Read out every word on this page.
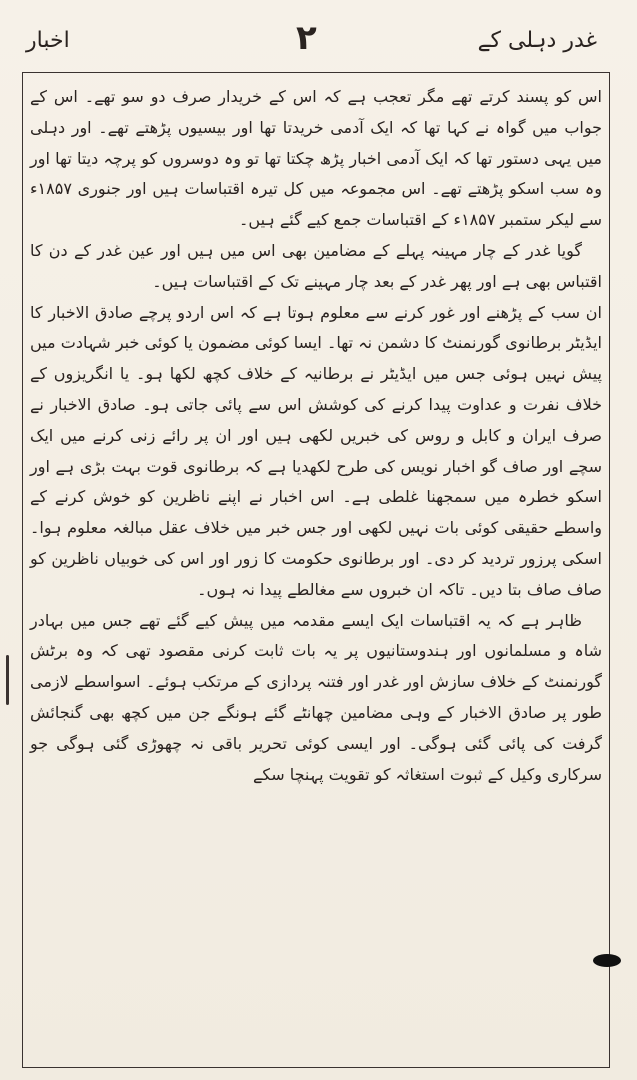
غدر دہلی کے
۲
اخبار

اس کو پسند کرتے تھے مگر تعجب ہے کہ اس کے خریدار صرف دو سو تھے۔ اس کے جواب میں گواہ نے کہا تھا کہ ایک آدمی خریدتا تھا اور بیسیوں پڑھتے تھے۔ اور دہلی میں یہی دستور تھا کہ ایک آدمی اخبار پڑھ چکتا تھا تو وہ دوسروں کو پرچہ دیتا تھا اور وہ سب اسکو پڑھتے تھے۔ اس مجموعہ میں کل تیرہ اقتباسات ہیں اور جنوری ۱۸۵۷ء سے لیکر ستمبر ۱۸۵۷ء کے اقتباسات جمع کیے گئے ہیں۔

گویا غدر کے چار مہینہ پہلے کے مضامین بھی اس میں ہیں اور عین غدر کے دن کا اقتباس بھی ہے اور پھر غدر کے بعد چار مہینے تک کے اقتباسات ہیں۔

ان سب کے پڑھنے اور غور کرنے سے معلوم ہوتا ہے کہ اس اردو پرچے صادق الاخبار کا ایڈیٹر برطانوی گورنمنٹ کا دشمن نہ تھا۔ ایسا کوئی مضمون یا کوئی خبر شہادت میں پیش نہیں ہوئی جس میں ایڈیٹر نے برطانیہ کے خلاف کچھ لکھا ہو۔ یا انگریزوں کے خلاف نفرت و عداوت پیدا کرنے کی کوشش اس سے پائی جاتی ہو۔ صادق الاخبار نے صرف ایران و کابل و روس کی خبریں لکھی ہیں اور ان پر رائے زنی کرنے میں ایک سچے اور صاف گو اخبار نویس کی طرح لکھدیا ہے کہ برطانوی قوت بہت بڑی ہے اور اسکو خطرہ میں سمجھنا غلطی ہے۔ اس اخبار نے اپنے ناظرین کو خوش کرنے کے واسطے حقیقی کوئی بات نہیں لکھی اور جس خبر میں خلاف عقل مبالغہ معلوم ہوا۔ اسکی پرزور تردید کر دی۔ اور برطانوی حکومت کا زور اور اس کی خوبیاں ناظرین کو صاف صاف بتا دیں۔ تاکہ ان خبروں سے مغالطے پیدا نہ ہوں۔

ظاہر ہے کہ یہ اقتباسات ایک ایسے مقدمہ میں پیش کیے گئے تھے جس میں بہادر شاہ و مسلمانوں اور ہندوستانیوں پر یہ بات ثابت کرنی مقصود تھی کہ وہ برٹش گورنمنٹ کے خلاف سازش اور غدر اور فتنہ پردازی کے مرتکب ہوئے۔ اسواسطے لازمی طور پر صادق الاخبار کے وہی مضامین چھانٹے گئے ہونگے جن میں کچھ بھی گنجائش گرفت کی پائی گئی ہوگی۔ اور ایسی کوئی تحریر باقی نہ چھوڑی گئی ہوگی جو سرکاری وکیل کے ثبوت استغاثہ کو تقویت پہنچا سکے
